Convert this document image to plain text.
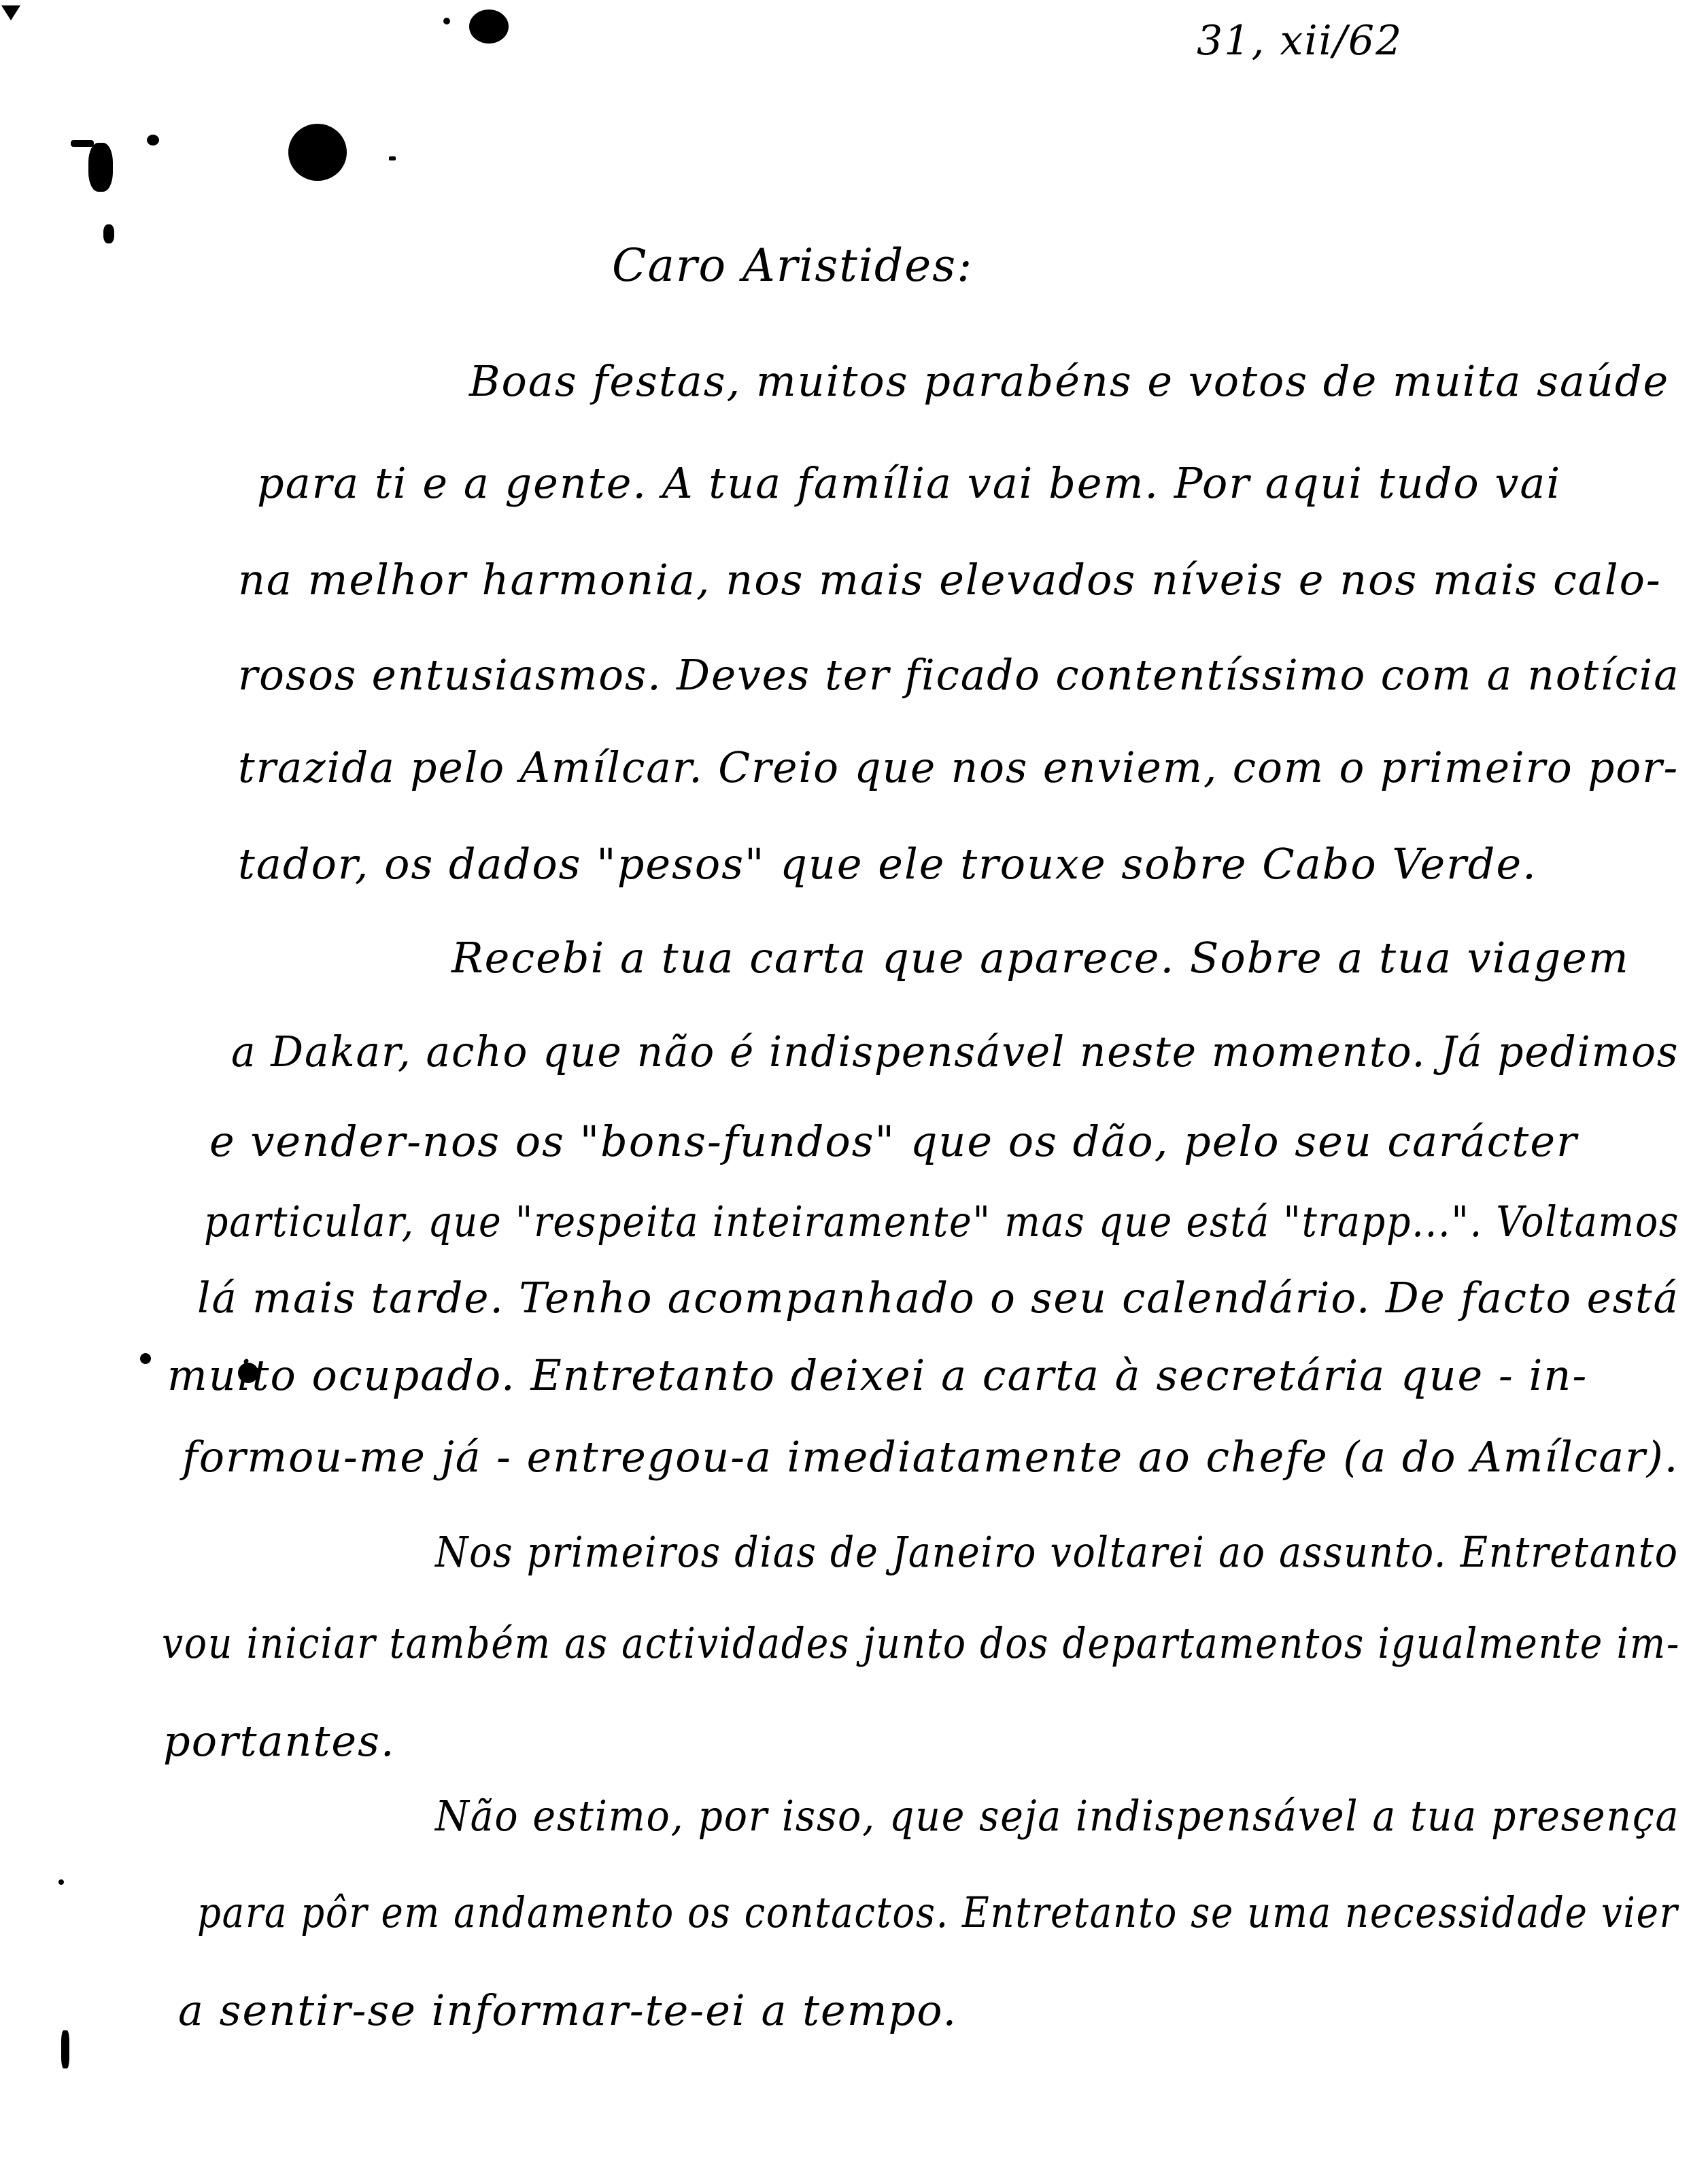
31, xii/62
Caro Aristides:
Boas festas, muitos parabéns e votos de muita saúde
para ti e a gente. A tua família vai bem. Por aqui tudo vai
na melhor harmonia, nos mais elevados níveis e nos mais calo-
rosos entusiasmos. Deves ter ficado contentíssimo com a notícia
trazida pelo Amílcar. Creio que nos enviem, com o primeiro por-
tador, os dados "pesos" que ele trouxe sobre Cabo Verde.
Recebi a tua carta que aparece. Sobre a tua viagem
a Dakar, acho que não é indispensável neste momento. Já pedimos
e vender-nos os "bons-fundos" que os dão, pelo seu carácter
particular, que "respeita inteiramente" mas que está "trapp...". Voltamos
lá mais tarde. Tenho acompanhado o seu calendário. De facto está
muito ocupado. Entretanto deixei a carta à secretária que - in-
formou-me já - entregou-a imediatamente ao chefe (a do Amílcar).
Nos primeiros dias de Janeiro voltarei ao assunto. Entretanto
vou iniciar também as actividades junto dos departamentos igualmente im-
portantes.
Não estimo, por isso, que seja indispensável a tua presença
para pôr em andamento os contactos. Entretanto se uma necessidade vier
a sentir-se informar-te-ei a tempo.
